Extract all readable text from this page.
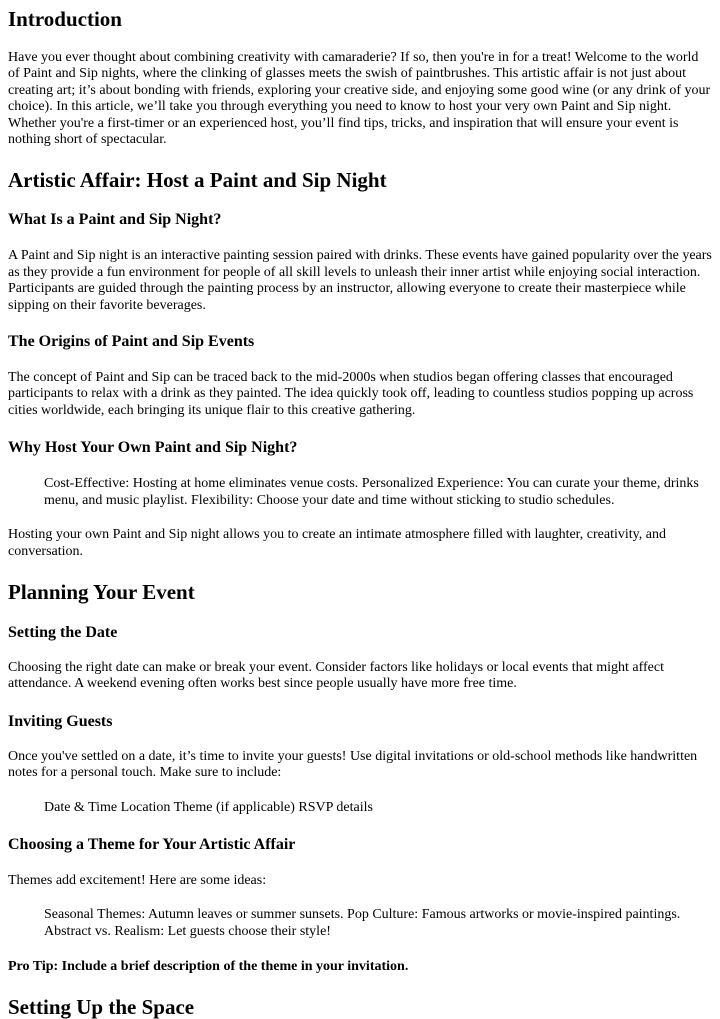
Introduction

Have you ever thought about combining creativity with camaraderie? If so, then you're in for a treat! Welcome to the world of Paint and Sip nights, where the clinking of glasses meets the swish of paintbrushes. This artistic affair is not just about creating art; it’s about bonding with friends, exploring your creative side, and enjoying some good wine (or any drink of your choice). In this article, we’ll take you through everything you need to know to host your very own Paint and Sip night. Whether you're a first-timer or an experienced host, you’ll find tips, tricks, and inspiration that will ensure your event is nothing short of spectacular.

Artistic Affair: Host a Paint and Sip Night
What Is a Paint and Sip Night?

A Paint and Sip night is an interactive painting session paired with drinks. These events have gained popularity over the years as they provide a fun environment for people of all skill levels to unleash their inner artist while enjoying social interaction. Participants are guided through the painting process by an instructor, allowing everyone to create their masterpiece while sipping on their favorite beverages.

The Origins of Paint and Sip Events

The concept of Paint and Sip can be traced back to the mid-2000s when studios began offering classes that encouraged participants to relax with a drink as they painted. The idea quickly took off, leading to countless studios popping up across cities worldwide, each bringing its unique flair to this creative gathering.

Why Host Your Own Paint and Sip Night?

Cost-Effective: Hosting at home eliminates venue costs. Personalized Experience: You can curate your theme, drinks menu, and music playlist. Flexibility: Choose your date and time without sticking to studio schedules.

Hosting your own Paint and Sip night allows you to create an intimate atmosphere filled with laughter, creativity, and conversation.

Planning Your Event
Setting the Date

Choosing the right date can make or break your event. Consider factors like holidays or local events that might affect attendance. A weekend evening often works best since people usually have more free time.

Inviting Guests

Once you've settled on a date, it’s time to invite your guests! Use digital invitations or old-school methods like handwritten notes for a personal touch. Make sure to include:

Date & Time Location Theme (if applicable) RSVP details

Choosing a Theme for Your Artistic Affair

Themes add excitement! Here are some ideas:

Seasonal Themes: Autumn leaves or summer sunsets. Pop Culture: Famous artworks or movie-inspired paintings. Abstract vs. Realism: Let guests choose their style!

Pro Tip: Include a brief description of the theme in your invitation.

Setting Up the Space
